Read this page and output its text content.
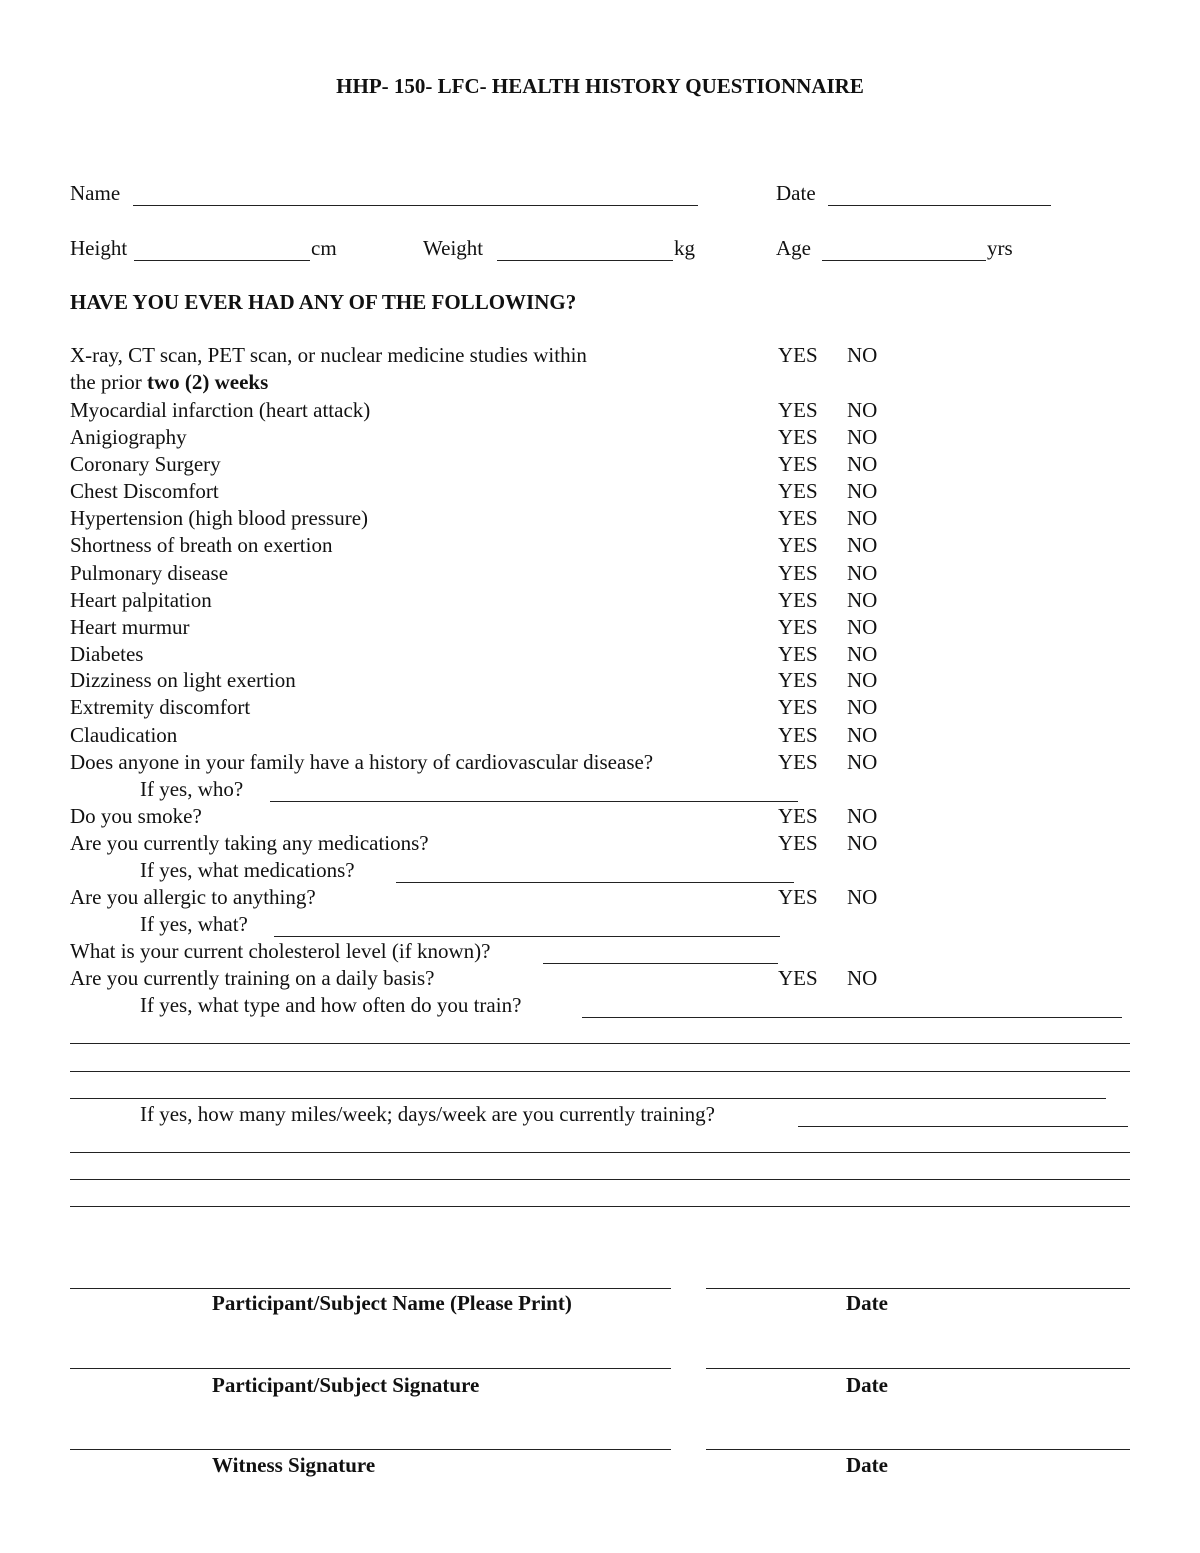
HHP- 150- LFC- HEALTH HISTORY QUESTIONNAIRE
Name	Date
Height	cm	Weight	kg	Age	yrs
HAVE YOU EVER HAD ANY OF THE FOLLOWING?
X-ray, CT scan, PET scan, or nuclear medicine studies within
the prior two (2) weeks
YES NO
Myocardial infarction (heart attack)	YES NO
Anigiography	YES NO
Coronary Surgery	YES NO
Chest Discomfort	YES NO
Hypertension (high blood pressure)	YES NO
Shortness of breath on exertion	YES NO
Pulmonary disease	YES NO
Heart palpitation	YES NO
Heart murmur	YES NO
Diabetes	YES NO
Dizziness on light exertion	YES NO
Extremity discomfort	YES NO
Claudication	YES NO
Does anyone in your family have a history of cardiovascular disease?	YES NO
If yes, who?
Do you smoke?	YES NO
Are you currently taking any medications?	YES NO
If yes, what medications?
Are you allergic to anything?	YES NO
If yes, what?
What is your current cholesterol level (if known)?
Are you currently training on a daily basis?	YES NO
If yes, what type and how often do you train?
If yes, how many miles/week; days/week are you currently training?
Participant/Subject Name (Please Print)	Date
Participant/Subject Signature	Date
Witness Signature	Date
